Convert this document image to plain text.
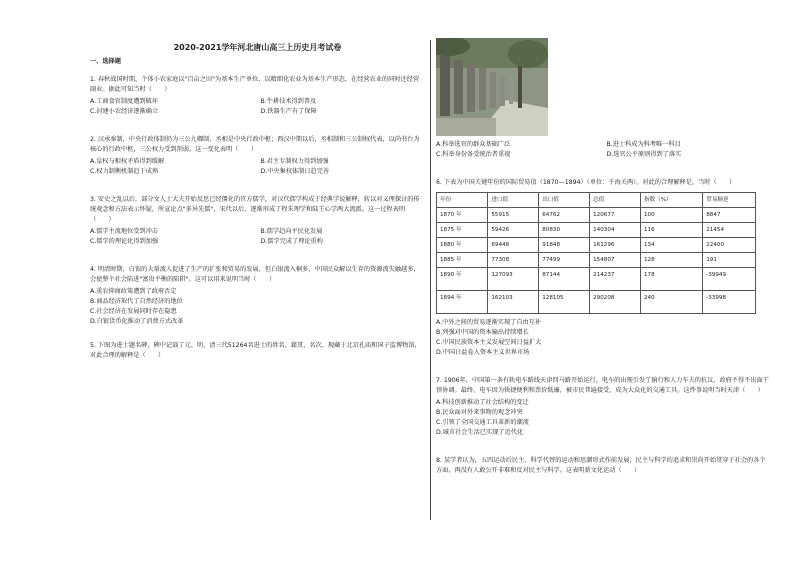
2020-2021学年河北唐山高三上历史月考试卷
一、选择题
1. 春秋战国时期，个体小农家庭以"百亩之田"为基本生产单位，以精细化农业为基本生产形态，在经营农业的同时还经营副业。据此可知当时（　　）
A.工商食官制度遭到破坏	B.牛耕技术得到普及
C.封建小农经济逐渐确立	D.铁器生产有了保障
2. 汉承秦制，中央行政体制仍为三公九卿制，丞相是中央行政中枢；西汉中期以后，丞相制和三公制权代表，以尚书台为核心的行政中枢，三公权力受到削弱。这一变化表明（　　）
A.皇权与相权矛盾得到缓解	B.君主专制权力得到加强
C.权力制衡机制趋于成熟	D.中央集权体制日趋完善
3. 安史之乱以后，部分文人士大夫开始反思已经僵化的官方儒学，对汉代儒学构成于经典学说解释，转以对义理探讨的传统观念和方法表示怀疑，所宣论点"多异先儒"，宋代以后，逐渐形成了程朱理学和陆王心学两大流派。这一过程表明（　　）
A.儒学主流地位受到冲击	B.儒学趋向平民化发展
C.儒学的理论化得到加强	D.儒学完成了理论重构
4. 明清时期，白银的大量流入促进了生产的扩张和贸易的发展，但白银流入桐多，中国民众解以生存的资源流失触越多，会使整个社会陷进"富贵平衡的陷阱"。这可以用来说明当时（　　）
A.重农抑商政策遭到了政府否定
B.商品经济取代了自然经济的地位
C.社会经济在发展同时存在隐患
D.白银货币化推动了消费方式改革
5. 下图为进士题名碑，碑中记载了元、明、清三代51264名进士的姓名、籍贯、名次，现藏于北京孔庙和国子监博物馆，对此合理的解释是（　　）
A.科举选官的群众基础广泛	B.进士科成为科考唯一科目
C.科举身份备受统治者重视	D.选官公平原则得到了落实
6. 下表为中国关键年份的国际贸易值（1870—1894）（单位：千海关两）。对此的合理解释是，当时（　　）
年份	进口值	出口值	总值	指数（%）	贸易顺逆
1870 年	55915	64762	120677	100	8847
1875 年	59426	80830	140304	116	21454
1880 年	69448	91848	161296	134	22400
1885 年	77308	77499	154807	128	191
1890 年	127093	87144	214237	178	-39949
1894 年	162103	128105	290208	240	-33998
A.中外之间的贸易逐渐实现了自由互补
B.列强对中国的资本输出持续增长
C.中国民族资本主义发展空间日益扩大
D.中国日益卷入资本主义世界市场
7. 1906年，中国第一条有轨电车路线天津四马路开始运行。电车的出现引发了掮行和人力车夫的抗议，政府不得不出面干预协调。最终，电车因为快捷便利和票价低廉，被市民普遍接受，成为大众化的交通工具。这件事说明当时天津（　　）
A.科技创新推动了社会结构的变迁
B.民众面对外来事物的观念冲突
C.引领了全国交通工具革新的潮流
D.城市社会生活已实现了近代化
8. 某学者认为，五四运动后民主、科学代替的运动和思潮形式作前发展，民主与科学的追求和崇尚开始贯穿于社会的各个方面，再没有人敢公开非难和反对民主与科学。这表明新文化运动（　　）
